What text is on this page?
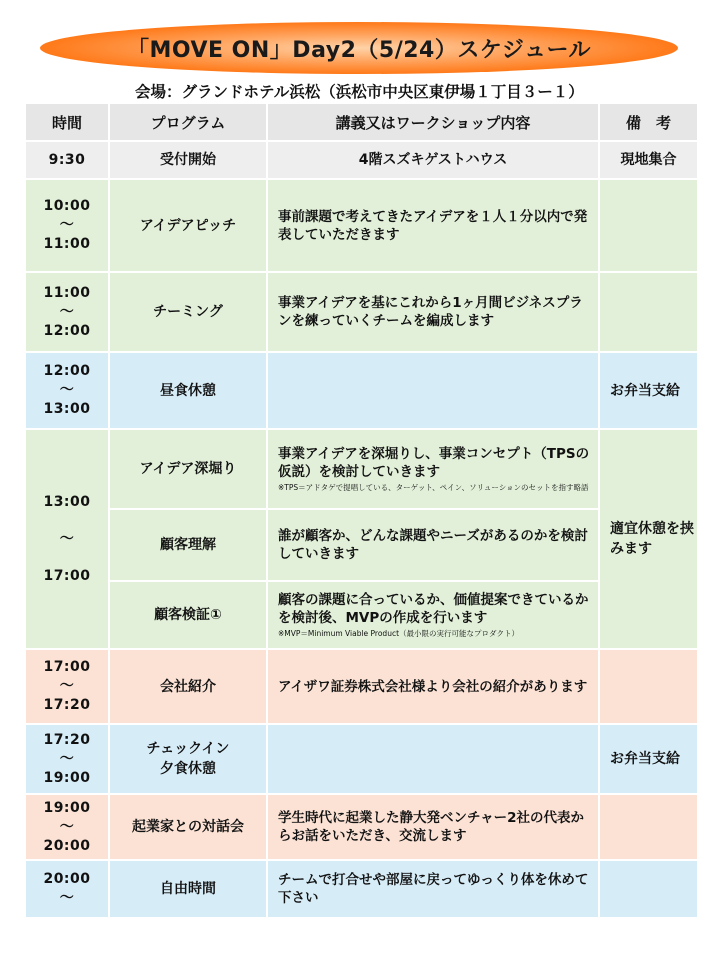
「MOVE ON」Day2（5/24）スケジュール
会場：グランドホテル浜松（浜松市中央区東伊場１丁目３ー１）
時間	プログラム	講義又はワークショップ内容	備　考
9:30	受付開始	4階スズキゲストハウス	現地集合

10:00
～
11:00	アイデアピッチ	事前課題で考えてきたアイデアを１人１分以内で発表していただきます	

11:00
～
12:00	チーミング	事業アイデアを基にこれから1ヶ月間ビジネスプランを練っていくチームを編成します	

12:00
～
13:00	昼食休憩		お弁当支給

13:00
～
17:00	アイデア深堀り	事業アイデアを深堀りし、事業コンセプト（TPSの仮説）を検討していきます
※TPS＝アドタゲで提唱している、ターゲット、ペイン、ソリューションのセットを指す略語	適宜休憩を挟みます
	顧客理解	誰が顧客か、どんな課題やニーズがあるのかを検討していきます	
	顧客検証①	顧客の課題に合っているか、価値提案できているかを検討後、MVPの作成を行います
※MVP＝Minimum Viable Product（最小限の実行可能なプロダクト）	

17:00
～
17:20	会社紹介	アイザワ証券株式会社様より会社の紹介があります	

17:20
～
19:00	チェックイン
夕食休憩		お弁当支給

19:00
～
20:00	起業家との対話会	学生時代に起業した静大発ベンチャー2社の代表からお話をいただき、交流します	

20:00
～	自由時間	チームで打合せや部屋に戻ってゆっくり体を休めて下さい	
